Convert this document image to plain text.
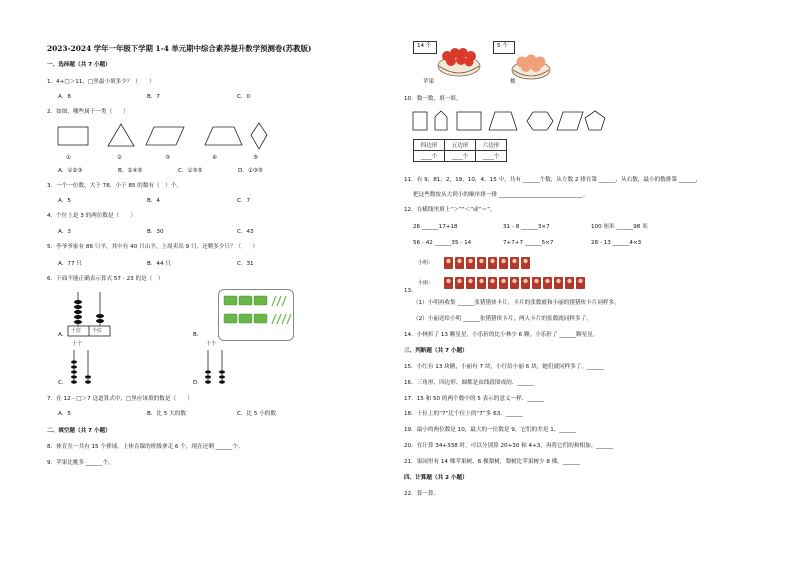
2023-2024 学年一年级下学期 1-4 单元期中综合素养提升数学预测卷(苏教版)
一、选择题（共 7 小题）
1．4+□＞11，□里最小填多少？（　　）
A．8	B．7	C．0
2．如图，哪些属于一类（　　）
①	②	③	④	⑤
A．①②③	B．②④⑤	C．①③⑤	D．①③⑤
3．一个一位数，大于 78，小于 85 的数有（　）个。
A．5	B．4	C．7
4．个位上是 3 的两位数是（　　）
A．3	B．30	C．43
5．李爷爷家有 86 只羊，其中有 40 只山羊，上周卖出 9 只，还剩多少只？（　　）
A．77 只	B．44 只	C．31
6．下面不能正确表示算式 57﹣23 的是（　）
A．
十位 个位
B．
C．
十个
D．
十个
7．在 12﹣□＞7 这道算式中，□里应该填的数是（　　）
A．5	B．比 5 大的数	C．比 5 小的数
二、填空题（共 7 小题）
8．体育室一共有 15 个排球，上体育课的班级拿走 6 个，现在还剩 ______个。
9．苹果比桃多 ______个。
14 个
苹果
5 个
桃
10．数一数，填一填。
四边形	五边形	六边形
____个	____个	____个
11．有 9，81，2，19，10，4，15 中，共有 ______个数，从左数 2 排在第 ______，从右数，最小的数排第 ______，
把这些数按从大到小的顺序排一排 ______________________________。
12．在横线里填上“＞”“＜”或“＝”。
26 ______17+18	31﹣8 ______3×7	100 厘米 ______98 米
56﹣42 ______35﹣14	7+7+7 ______5×7	28﹣13 ______4×3
小明：
小丽：
13．
（1）小明再收集 ______张猪猪侠卡片，卡片的张数就和小丽的猪猪侠卡片同样多。
（2）小丽送给小明 ______张猪猪侠卡片，两人卡片的张数就同样多了。
14．小林折了 13 颗星星，小乐折的比小林少 6 颗，小乐折了 ______颗星星。
三、判断题（共 7 小题）
15．小红有 13 块糖，小丽有 7 块，小红给小丽 6 块，她们就同样多了。______
16．三角形、四边形、圆都是由线段围成的．______
17．15 和 50 的两个数中的 5 表示的意义一样．______
18．十位上的“7”比个位上的“7”多 63．______
19．最小的两位数是 10，最大的一位数是 9，它们的差是 1。______
20．在计算 34+338 时，可以分别算 20+30 和 4+3，再将它们的和相加。______
21．果园里有 14 棵苹果树，6 棵梨树，梨树比苹果树少 8 棵。______
四、计算题（共 2 小题）
22．算一算。
